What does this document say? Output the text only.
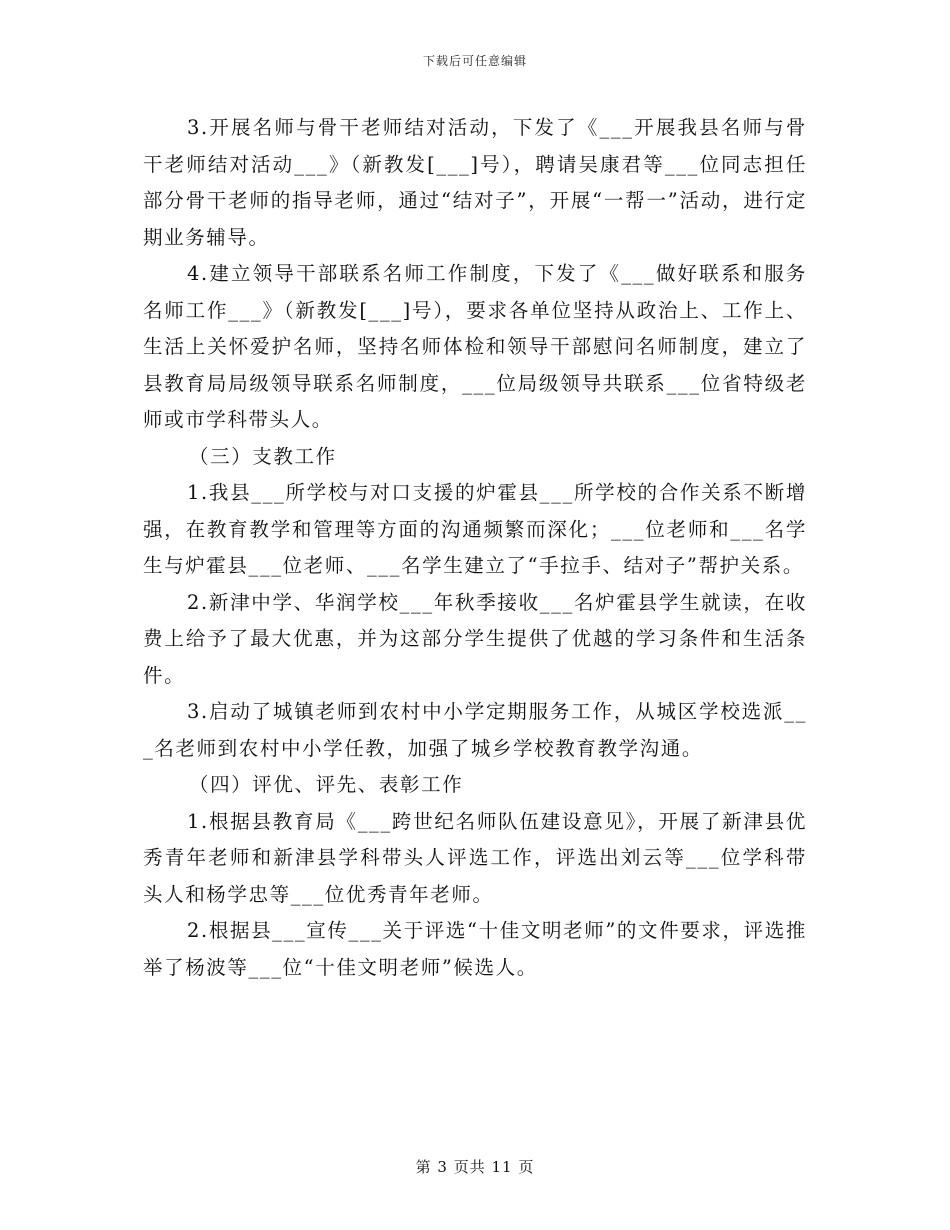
下载后可任意编辑

3.开展名师与骨干老师结对活动，下发了《___开展我县名师与骨干老师结对活动___》（新教发[___]号），聘请吴康君等___位同志担任部分骨干老师的指导老师，通过“结对子”，开展“一帮一”活动，进行定期业务辅导。

4.建立领导干部联系名师工作制度，下发了《___做好联系和服务名师工作___》（新教发[___]号），要求各单位坚持从政治上、工作上、生活上关怀爱护名师，坚持名师体检和领导干部慰问名师制度，建立了县教育局局级领导联系名师制度，___位局级领导共联系___位省特级老师或市学科带头人。

（三）支教工作

1.我县___所学校与对口支援的炉霍县___所学校的合作关系不断增强，在教育教学和管理等方面的沟通频繁而深化；___位老师和___名学生与炉霍县___位老师、___名学生建立了“手拉手、结对子”帮护关系。

2.新津中学、华润学校___年秋季接收___名炉霍县学生就读，在收费上给予了最大优惠，并为这部分学生提供了优越的学习条件和生活条件。

3.启动了城镇老师到农村中小学定期服务工作，从城区学校选派___名老师到农村中小学任教，加强了城乡学校教育教学沟通。

（四）评优、评先、表彰工作

1.根据县教育局《___跨世纪名师队伍建设意见》，开展了新津县优秀青年老师和新津县学科带头人评选工作，评选出刘云等___位学科带头人和杨学忠等___位优秀青年老师。

2.根据县___宣传___关于评选“十佳文明老师”的文件要求，评选推举了杨波等___位“十佳文明老师”候选人。

第 3 页共 11 页
